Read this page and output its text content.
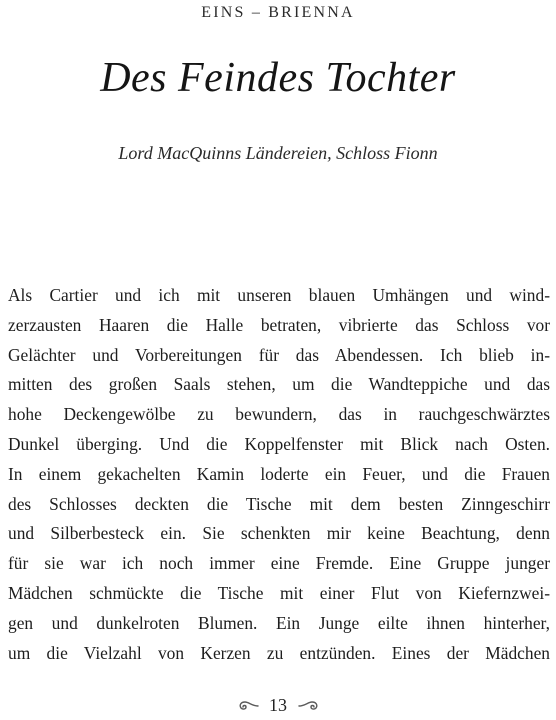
EINS – BRIENNA
Des Feindes Tochter
Lord MacQuinns Ländereien, Schloss Fionn
Als Cartier und ich mit unseren blauen Umhängen und wind-
zerzausten Haaren die Halle betraten, vibrierte das Schloss vor
Gelächter und Vorbereitungen für das Abendessen. Ich blieb in-
mitten des großen Saals stehen, um die Wandteppiche und das
hohe Deckengewölbe zu bewundern, das in rauchgeschwärztes
Dunkel überging. Und die Koppelfenster mit Blick nach Osten.
In einem gekachelten Kamin loderte ein Feuer, und die Frauen
des Schlosses deckten die Tische mit dem besten Zinngeschirr
und Silberbesteck ein. Sie schenkten mir keine Beachtung, denn
für sie war ich noch immer eine Fremde. Eine Gruppe junger
Mädchen schmückte die Tische mit einer Flut von Kiefernzwei-
gen und dunkelroten Blumen. Ein Junge eilte ihnen hinterher,
um die Vielzahl von Kerzen zu entzünden. Eines der Mädchen
13
